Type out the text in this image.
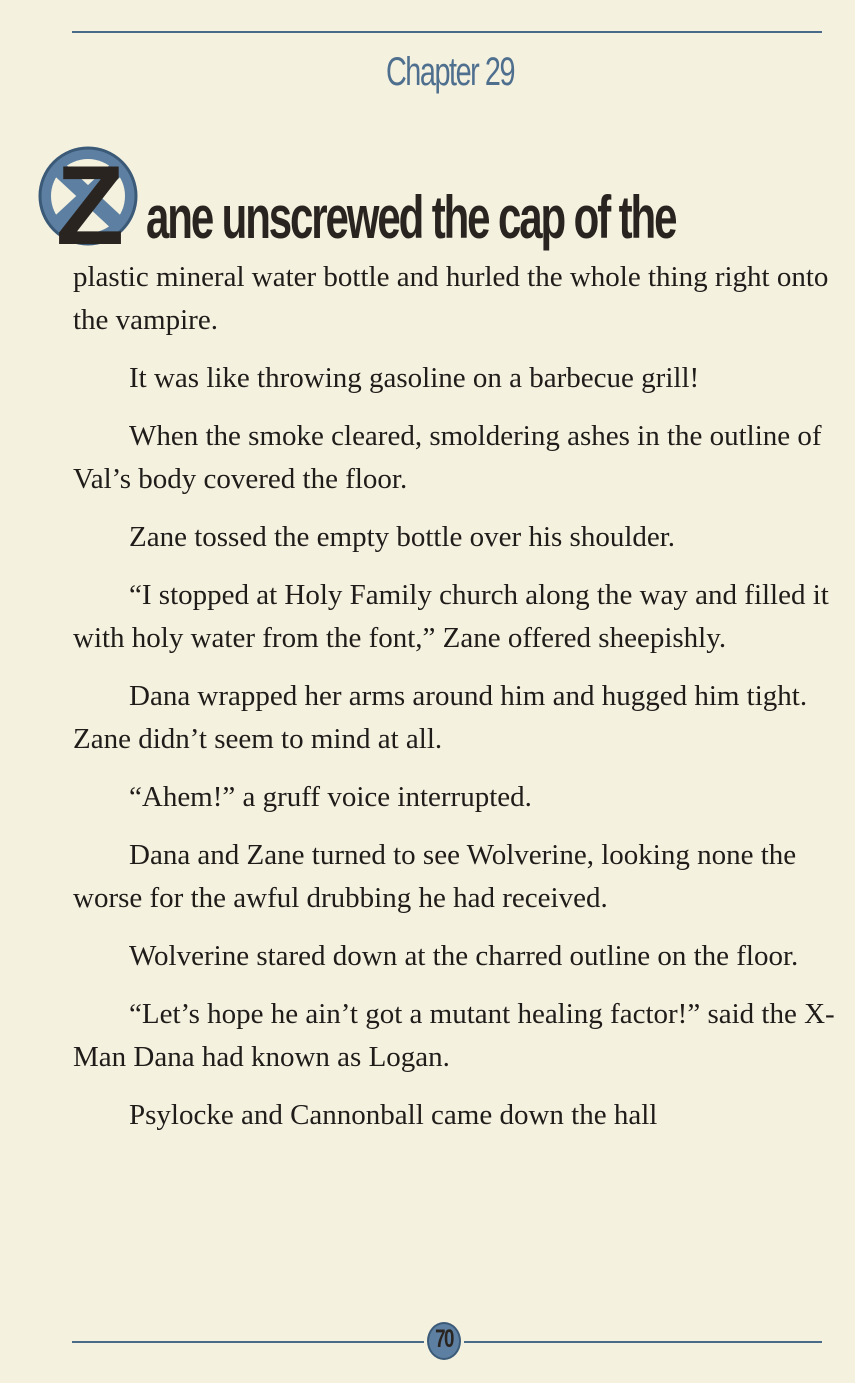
Chapter 29
Z ane unscrewed the cap of the

plastic mineral water bottle and hurled the whole thing right onto the vampire.

It was like throwing gasoline on a barbecue grill!

When the smoke cleared, smoldering ashes in the outline of Val’s body covered the floor.

Zane tossed the empty bottle over his shoulder.

“I stopped at Holy Family church along the way and filled it with holy water from the font,” Zane offered sheepishly.

Dana wrapped her arms around him and hugged him tight. Zane didn’t seem to mind at all.

“Ahem!” a gruff voice interrupted.

Dana and Zane turned to see Wolverine, looking none the worse for the awful drubbing he had received.

Wolverine stared down at the charred outline on the floor.

“Let’s hope he ain’t got a mutant healing factor!” said the X-Man Dana had known as Logan.

Psylocke and Cannonball came down the hall

70
